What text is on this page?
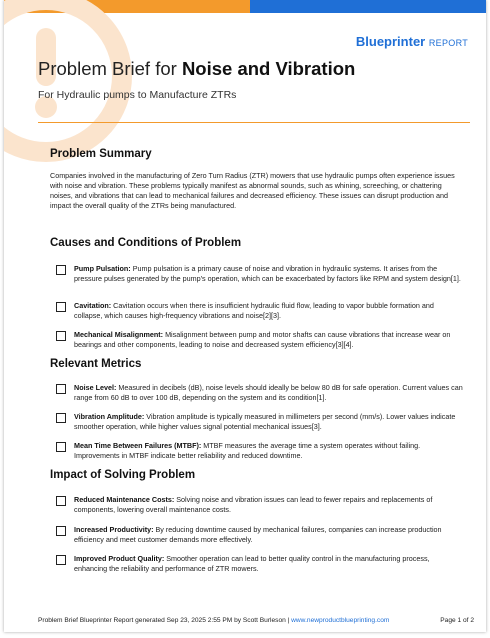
Blueprinter REPORT
Problem Brief for Noise and Vibration
For Hydraulic pumps to Manufacture ZTRs
Problem Summary

Companies involved in the manufacturing of Zero Turn Radius (ZTR) mowers that use hydraulic pumps often experience issues with noise and vibration. These problems typically manifest as abnormal sounds, such as whining, screeching, or chattering noises, and vibrations that can lead to mechanical failures and decreased efficiency. These issues can disrupt production and impact the overall quality of the ZTRs being manufactured.

Causes and Conditions of Problem
Pump Pulsation: Pump pulsation is a primary cause of noise and vibration in hydraulic systems. It arises from the pressure pulses generated by the pump's operation, which can be exacerbated by factors like RPM and system design[1].
Cavitation: Cavitation occurs when there is insufficient hydraulic fluid flow, leading to vapor bubble formation and collapse, which causes high-frequency vibrations and noise[2][3].
Mechanical Misalignment: Misalignment between pump and motor shafts can cause vibrations that increase wear on bearings and other components, leading to noise and decreased system efficiency[3][4].
Relevant Metrics
Noise Level: Measured in decibels (dB), noise levels should ideally be below 80 dB for safe operation. Current values can range from 60 dB to over 100 dB, depending on the system and its condition[1].
Vibration Amplitude: Vibration amplitude is typically measured in millimeters per second (mm/s). Lower values indicate smoother operation, while higher values signal potential mechanical issues[3].
Mean Time Between Failures (MTBF): MTBF measures the average time a system operates without failing. Improvements in MTBF indicate better reliability and reduced downtime.
Impact of Solving Problem
Reduced Maintenance Costs: Solving noise and vibration issues can lead to fewer repairs and replacements of components, lowering overall maintenance costs.
Increased Productivity: By reducing downtime caused by mechanical failures, companies can increase production efficiency and meet customer demands more effectively.
Improved Product Quality: Smoother operation can lead to better quality control in the manufacturing process, enhancing the reliability and performance of ZTR mowers.
Problem Brief Blueprinter Report generated Sep 23, 2025 2:55 PM by Scott Burleson | www.newproductblueprinting.com	Page 1 of 2
